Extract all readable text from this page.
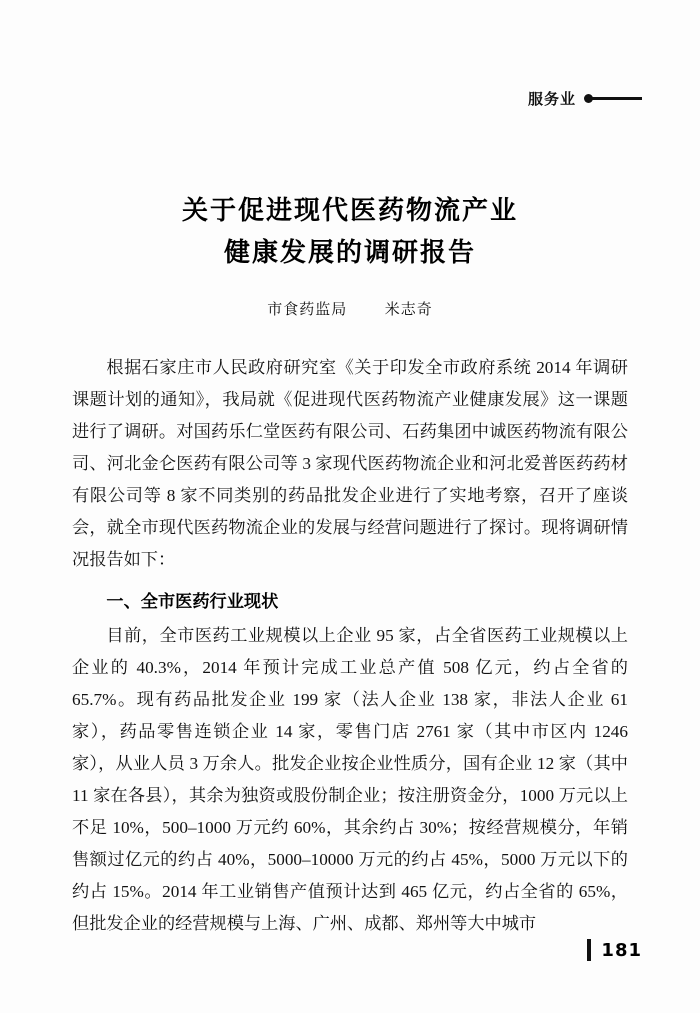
服务业
关于促进现代医药物流产业
健康发展的调研报告
市食药监局	米志奇

根据石家庄市人民政府研究室《关于印发全市政府系统 2014 年调研课题计划的通知》，我局就《促进现代医药物流产业健康发展》这一课题进行了调研。对国药乐仁堂医药有限公司、石药集团中诚医药物流有限公司、河北金仑医药有限公司等 3 家现代医药物流企业和河北爱普医药药材有限公司等 8 家不同类别的药品批发企业进行了实地考察，召开了座谈会，就全市现代医药物流企业的发展与经营问题进行了探讨。现将调研情况报告如下：

一、全市医药行业现状

目前，全市医药工业规模以上企业 95 家，占全省医药工业规模以上企业的 40.3%，2014 年预计完成工业总产值 508 亿元，约占全省的 65.7%。现有药品批发企业 199 家（法人企业 138 家，非法人企业 61 家），药品零售连锁企业 14 家，零售门店 2761 家（其中市区内 1246 家），从业人员 3 万余人。批发企业按企业性质分，国有企业 12 家（其中 11 家在各县），其余为独资或股份制企业；按注册资金分，1000 万元以上不足 10%，500–1000 万元约 60%，其余约占 30%；按经营规模分，年销售额过亿元的约占 40%，5000–10000 万元的约占 45%，5000 万元以下的约占 15%。2014 年工业销售产值预计达到 465 亿元，约占全省的 65%，但批发企业的经营规模与上海、广州、成都、郑州等大中城市

181
